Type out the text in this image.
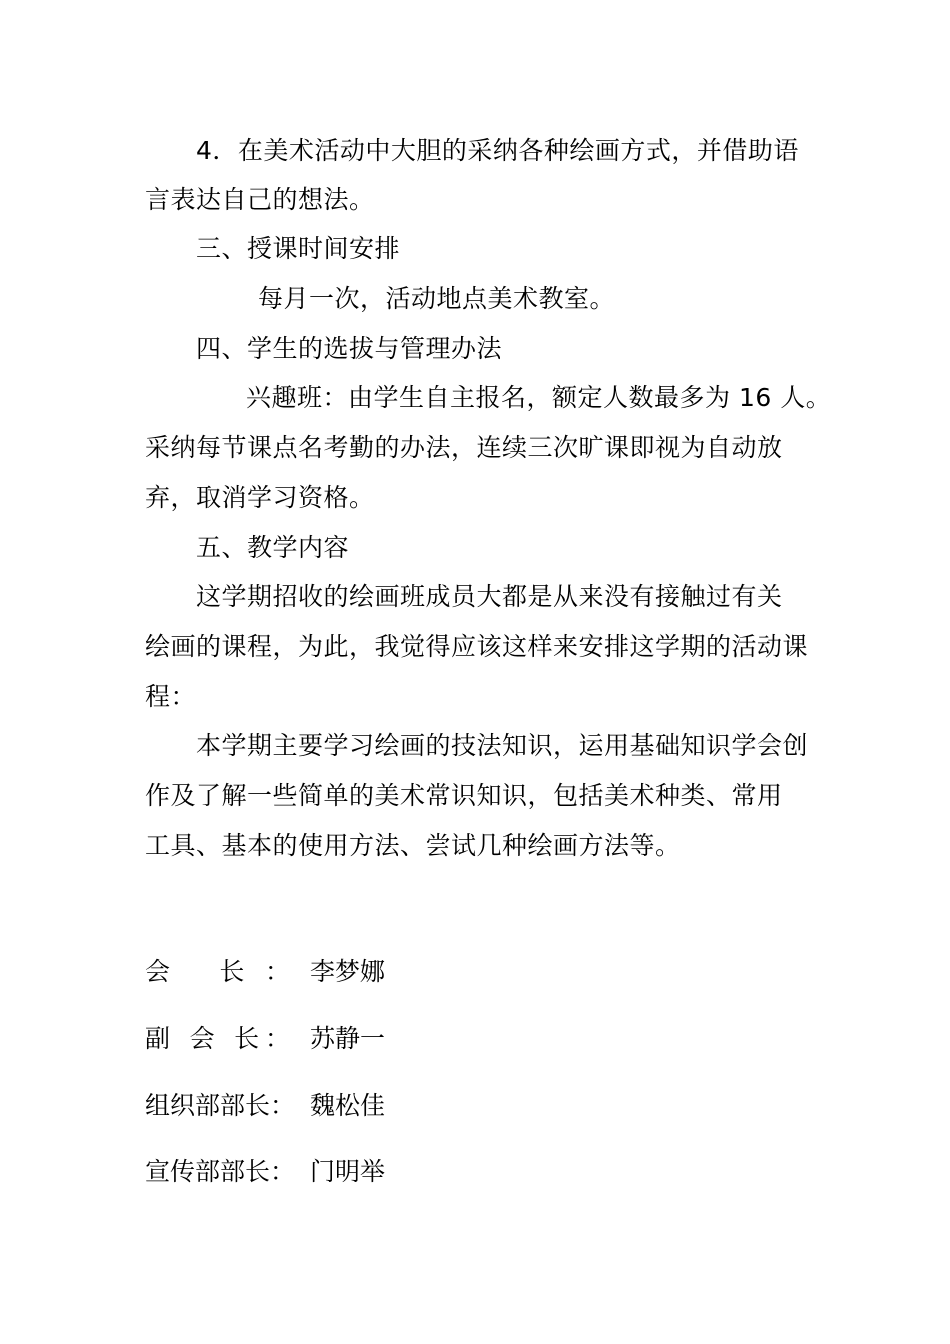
4．在美术活动中大胆的采纳各种绘画方式，并借助语
言表达自己的想法。
三、授课时间安排
每月一次，活动地点美术教室。
四、学生的选拔与管理办法
兴趣班：由学生自主报名，额定人数最多为 16 人。
采纳每节课点名考勤的办法，连续三次旷课即视为自动放
弃，取消学习资格。
五、教学内容
这学期招收的绘画班成员大都是从来没有接触过有关
绘画的课程，为此，我觉得应该这样来安排这学期的活动课
程：
本学期主要学习绘画的技法知识，运用基础知识学会创
作及了解一些简单的美术常识知识，包括美术种类、常用
工具、基本的使用方法、尝试几种绘画方法等。
会 长： 李梦娜
副 会 长： 苏静一
组织部部长： 魏松佳
宣传部部长： 门明举
